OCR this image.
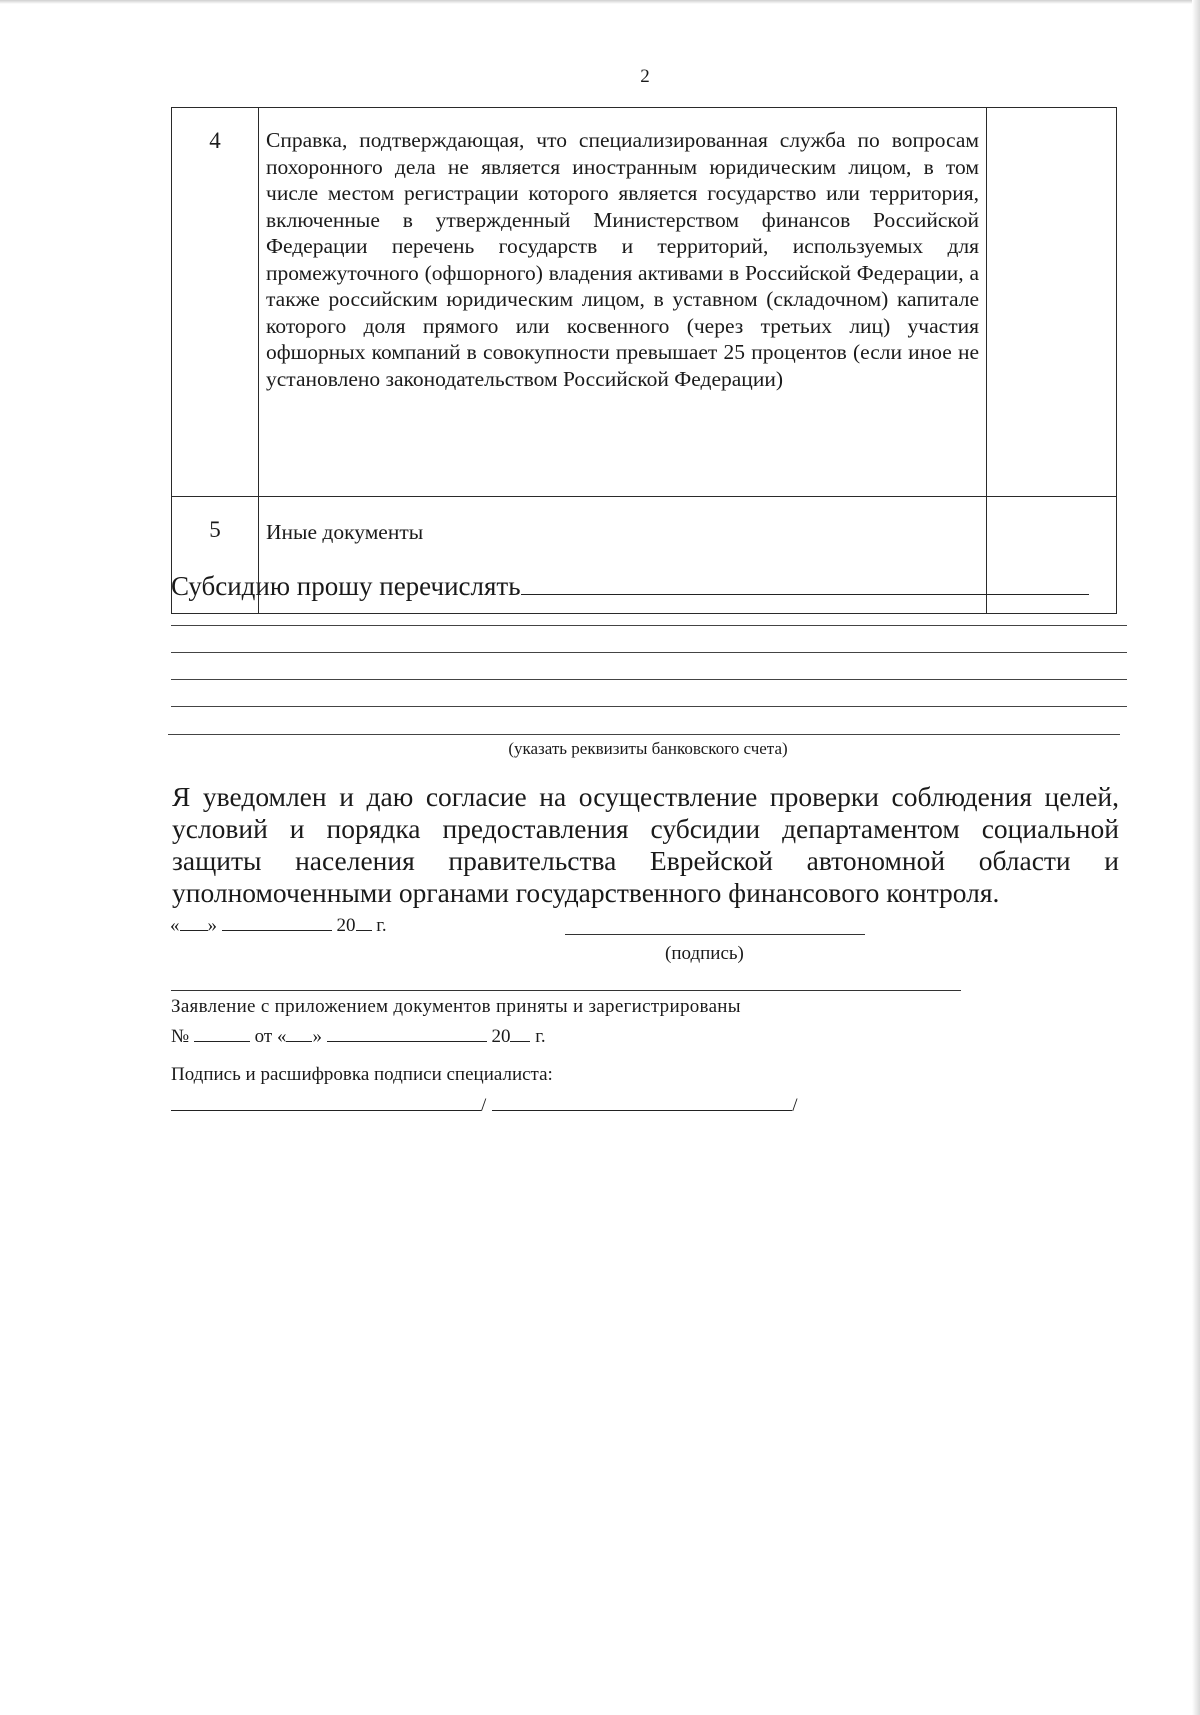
2
4	Справка, подтверждающая, что специализированная служба по вопросам похоронного дела не является иностранным юридическим лицом, в том числе местом регистрации которого является государство или территория, включенные в утвержденный Министерством финансов Российской Федерации перечень государств и территорий, используемых для промежуточного (офшорного) владения активами в Российской Федерации, а также российским юридическим лицом, в уставном (складочном) капитале которого доля прямого или косвенного (через третьих лиц) участия офшорных компаний в совокупности превышает 25 процентов (если иное не установлено законодательством Российской Федерации)	
5	Иные документы	
Субсидию прошу перечислять
(указать реквизиты банковского счета)
Я уведомлен и даю согласие на осуществление проверки соблюдения целей, условий и порядка предоставления субсидии департаментом социальной защиты населения правительства Еврейской автономной области и уполномоченными органами государственного финансового контроля.
« »	20 г.
(подпись)
Заявление с приложением документов приняты и зарегистрированы
№	от « »	20 г.
Подпись и расшифровка подписи специалиста:
/	/
